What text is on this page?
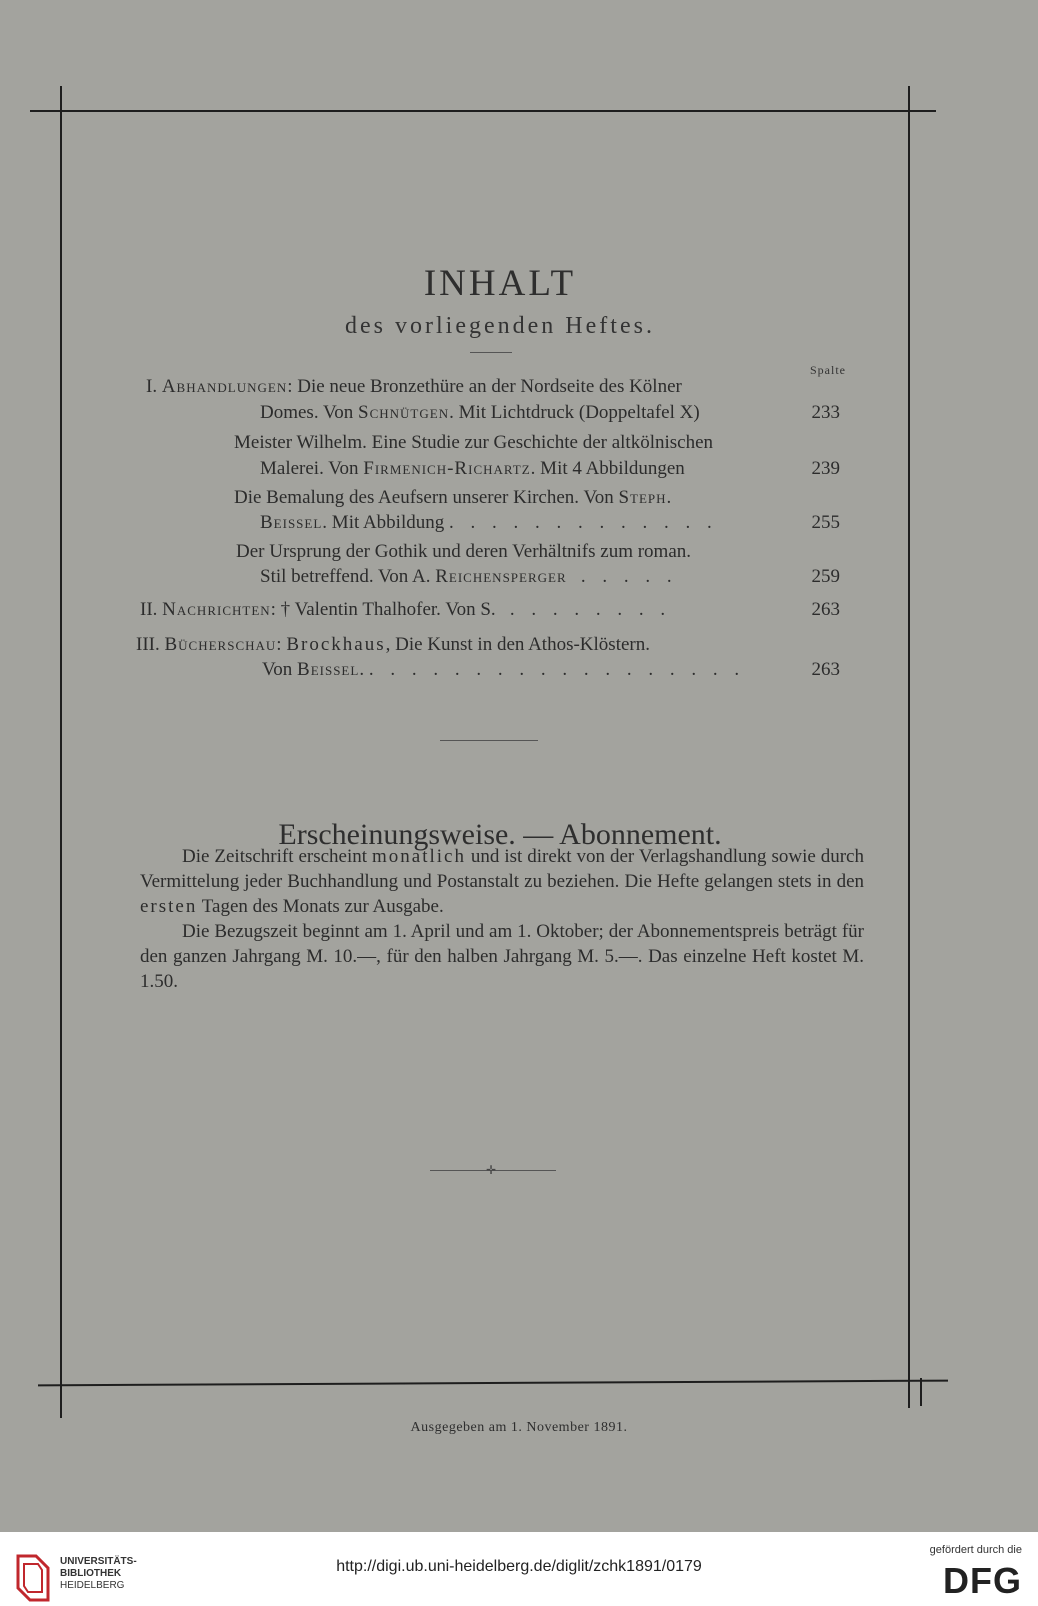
INHALT
des vorliegenden Heftes.
Spalte
I. Abhandlungen: Die neue Bronzethüre an der Nordseite des Kölner
Domes. Von Schnütgen. Mit Lichtdruck (Doppeltafel X)	233
Meister Wilhelm. Eine Studie zur Geschichte der altkölnischen
Malerei. Von Firmenich-Richartz. Mit 4 Abbildungen	239
Die Bemalung des Aeufsern unserer Kirchen. Von Steph.
Beissel. Mit Abbildung . . . . . . . . . . . . .	255
Der Ursprung der Gothik und deren Verhältnifs zum roman.
Stil betreffend. Von A. Reichensperger . . . . .	259
II. Nachrichten: † Valentin Thalhofer. Von S. . . . . . . . .	263
III. Bücherschau: Brockhaus, Die Kunst in den Athos-Klöstern.
Von Beissel. . . . . . . . . . . . . . . . . . .	263
Erscheinungsweise. — Abonnement.

Die Zeitschrift erscheint monatlich und ist direkt von der Verlagshandlung sowie durch Vermittelung jeder Buchhandlung und Postanstalt zu beziehen. Die Hefte gelangen stets in den ersten Tagen des Monats zur Ausgabe.

Die Bezugszeit beginnt am 1. April und am 1. Oktober; der Abonnementspreis beträgt für den ganzen Jahrgang M. 10.—, für den halben Jahrgang M. 5.—. Das einzelne Heft kostet M. 1.50.

✛
Ausgegeben am 1. November 1891.
UNIVERSITÄTS-
BIBLIOTHEK
HEIDELBERG
http://digi.ub.uni-heidelberg.de/diglit/zchk1891/0179
gefördert durch die
DFG
